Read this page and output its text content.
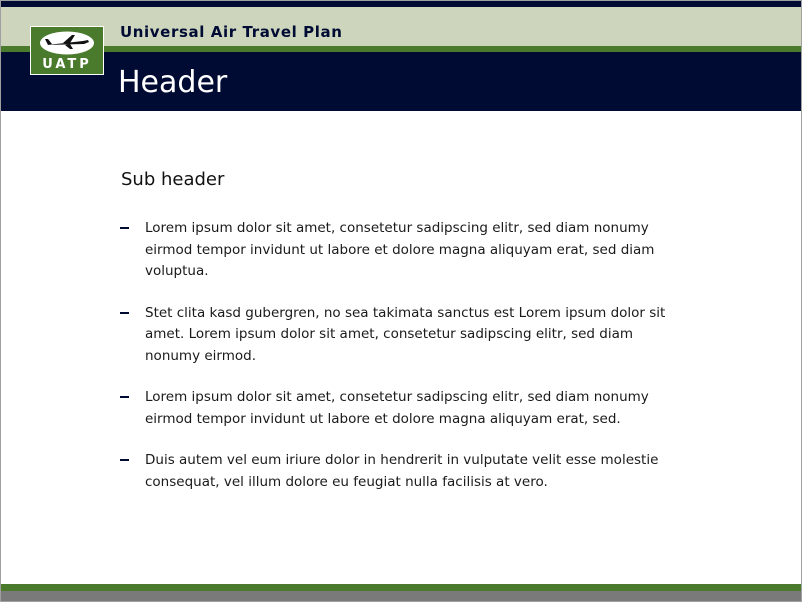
Universal Air Travel Plan
Header
UATP
Sub header
Lorem ipsum dolor sit amet, consetetur sadipscing elitr, sed diam nonumy eirmod tempor invidunt ut labore et dolore magna aliquyam erat, sed diam voluptua.
Stet clita kasd gubergren, no sea takimata sanctus est Lorem ipsum dolor sit amet. Lorem ipsum dolor sit amet, consetetur sadipscing elitr, sed diam nonumy eirmod.
Lorem ipsum dolor sit amet, consetetur sadipscing elitr, sed diam nonumy eirmod tempor invidunt ut labore et dolore magna aliquyam erat, sed.
Duis autem vel eum iriure dolor in hendrerit in vulputate velit esse molestie consequat, vel illum dolore eu feugiat nulla facilisis at vero.
